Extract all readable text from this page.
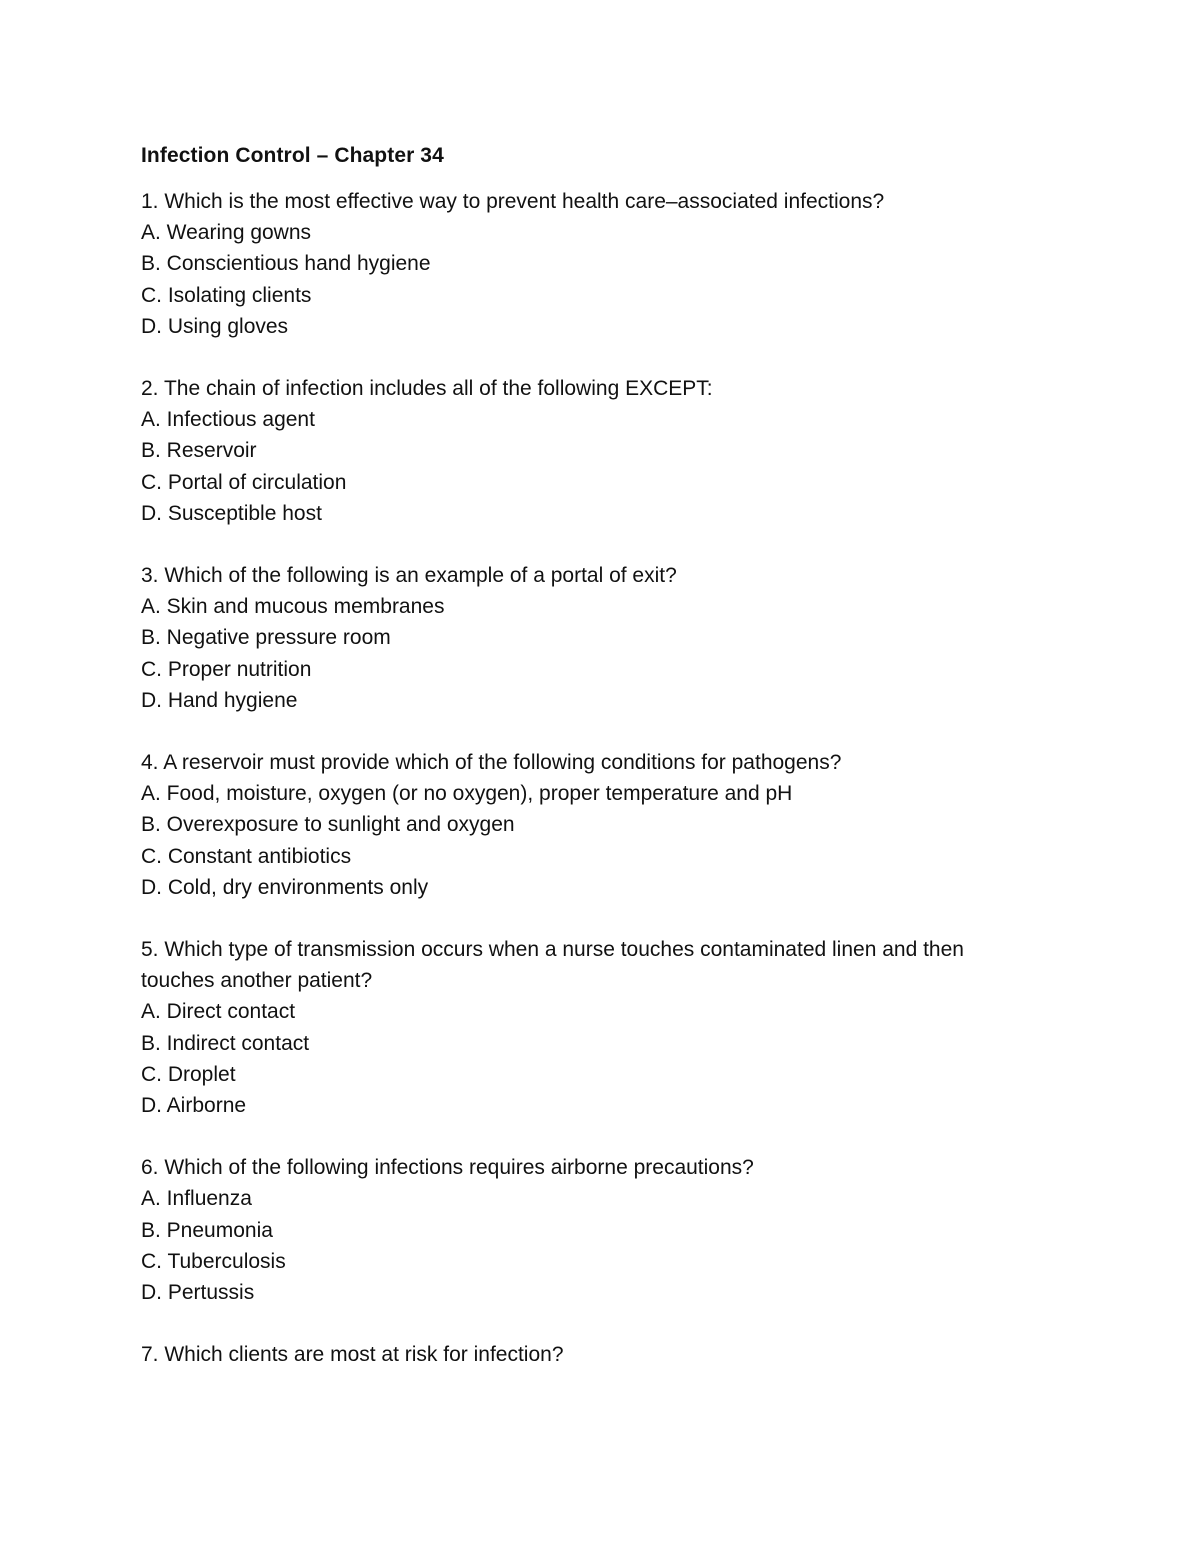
Infection Control – Chapter 34
1. Which is the most effective way to prevent health care–associated infections?
A. Wearing gowns
B. Conscientious hand hygiene
C. Isolating clients
D. Using gloves
2. The chain of infection includes all of the following EXCEPT:
A. Infectious agent
B. Reservoir
C. Portal of circulation
D. Susceptible host
3. Which of the following is an example of a portal of exit?
A. Skin and mucous membranes
B. Negative pressure room
C. Proper nutrition
D. Hand hygiene
4. A reservoir must provide which of the following conditions for pathogens?
A. Food, moisture, oxygen (or no oxygen), proper temperature and pH
B. Overexposure to sunlight and oxygen
C. Constant antibiotics
D. Cold, dry environments only
5. Which type of transmission occurs when a nurse touches contaminated linen and then touches another patient?
A. Direct contact
B. Indirect contact
C. Droplet
D. Airborne
6. Which of the following infections requires airborne precautions?
A. Influenza
B. Pneumonia
C. Tuberculosis
D. Pertussis
7. Which clients are most at risk for infection?
